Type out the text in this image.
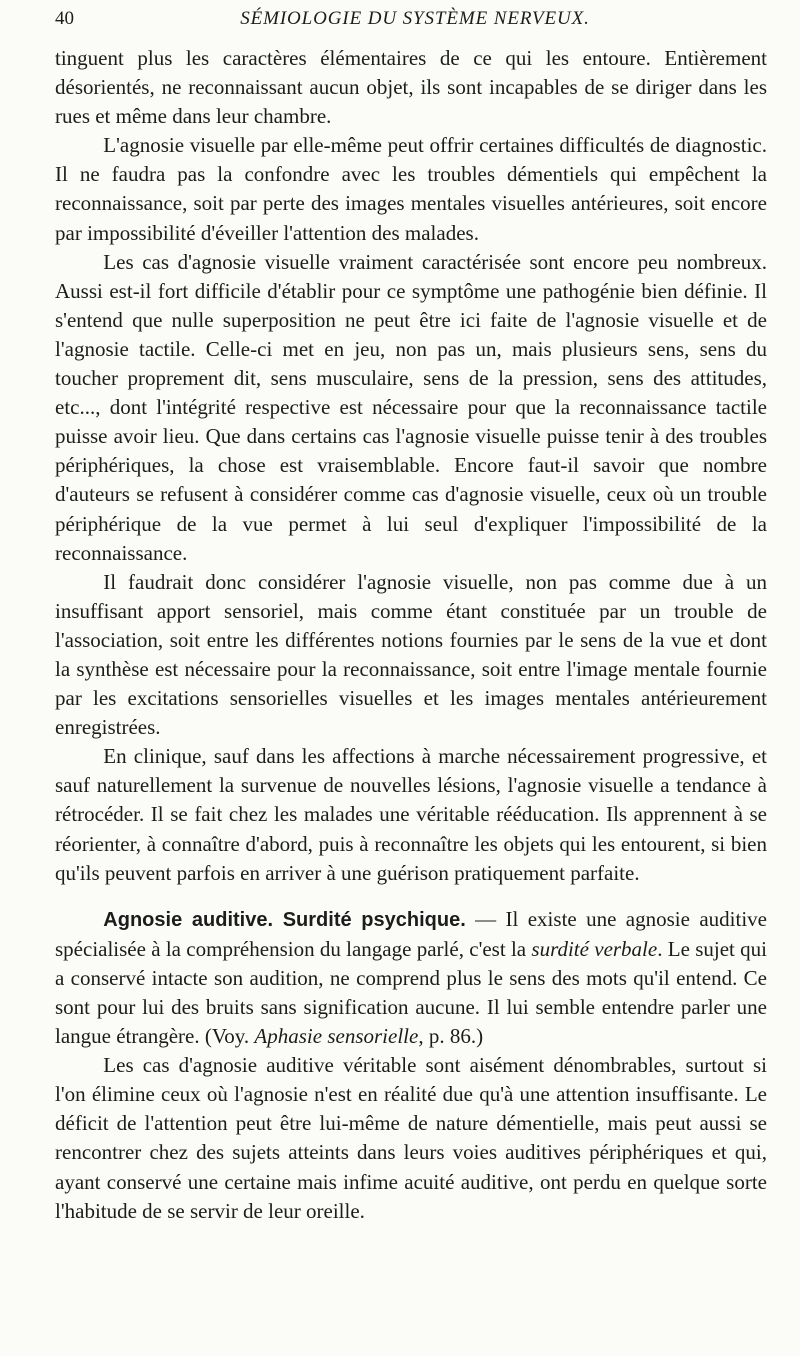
40	SÉMIOLOGIE DU SYSTÈME NERVEUX.

tinguent plus les caractères élémentaires de ce qui les entoure. Entièrement désorientés, ne reconnaissant aucun objet, ils sont incapables de se diriger dans les rues et même dans leur chambre.

L'agnosie visuelle par elle-même peut offrir certaines difficultés de diagnostic. Il ne faudra pas la confondre avec les troubles démentiels qui empêchent la reconnaissance, soit par perte des images mentales visuelles antérieures, soit encore par impossibilité d'éveiller l'attention des malades.

Les cas d'agnosie visuelle vraiment caractérisée sont encore peu nombreux. Aussi est-il fort difficile d'établir pour ce symptôme une pathogénie bien définie. Il s'entend que nulle superposition ne peut être ici faite de l'agnosie visuelle et de l'agnosie tactile. Celle-ci met en jeu, non pas un, mais plusieurs sens, sens du toucher proprement dit, sens musculaire, sens de la pression, sens des attitudes, etc..., dont l'intégrité respective est nécessaire pour que la reconnaissance tactile puisse avoir lieu. Que dans certains cas l'agnosie visuelle puisse tenir à des troubles périphériques, la chose est vraisemblable. Encore faut-il savoir que nombre d'auteurs se refusent à considérer comme cas d'agnosie visuelle, ceux où un trouble périphérique de la vue permet à lui seul d'expliquer l'impossibilité de la reconnaissance.

Il faudrait donc considérer l'agnosie visuelle, non pas comme due à un insuffisant apport sensoriel, mais comme étant constituée par un trouble de l'association, soit entre les différentes notions fournies par le sens de la vue et dont la synthèse est nécessaire pour la reconnaissance, soit entre l'image mentale fournie par les excitations sensorielles visuelles et les images mentales antérieurement enregistrées.

En clinique, sauf dans les affections à marche nécessairement progressive, et sauf naturellement la survenue de nouvelles lésions, l'agnosie visuelle a tendance à rétrocéder. Il se fait chez les malades une véritable rééducation. Ils apprennent à se réorienter, à connaître d'abord, puis à reconnaître les objets qui les entourent, si bien qu'ils peuvent parfois en arriver à une guérison pratiquement parfaite.

Agnosie auditive. Surdité psychique. — Il existe une agnosie auditive spécialisée à la compréhension du langage parlé, c'est la surdité verbale. Le sujet qui a conservé intacte son audition, ne comprend plus le sens des mots qu'il entend. Ce sont pour lui des bruits sans signification aucune. Il lui semble entendre parler une langue étrangère. (Voy. Aphasie sensorielle, p. 86.)

Les cas d'agnosie auditive véritable sont aisément dénombrables, surtout si l'on élimine ceux où l'agnosie n'est en réalité due qu'à une attention insuffisante. Le déficit de l'attention peut être lui-même de nature démentielle, mais peut aussi se rencontrer chez des sujets atteints dans leurs voies auditives périphériques et qui, ayant conservé une certaine mais infime acuité auditive, ont perdu en quelque sorte l'habitude de se servir de leur oreille.
